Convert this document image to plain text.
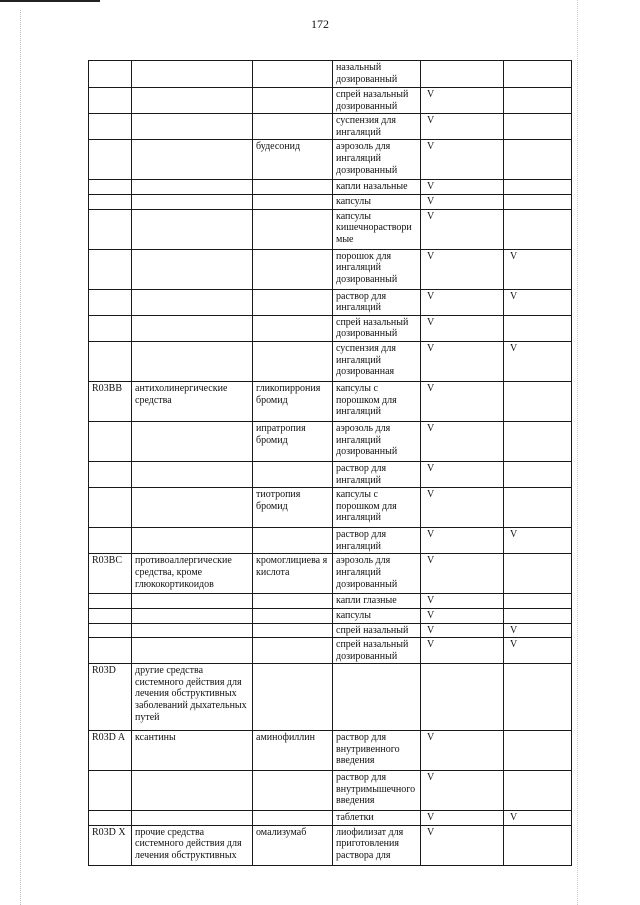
172
			назальный дозированный		
			спрей назальный дозированный	V	
			суспензия для ингаляций	V	
		будесонид	аэрозоль для ингаляций дозированный	V	
			капли назальные	V	
			капсулы	V	
			капсулы кишечнораствори мые	V	
			порошок для ингаляций дозированный	V	V
			раствор для ингаляций	V	V
			спрей назальный дозированный	V	
			суспензия для ингаляций дозированная	V	V
R03BB	антихолинергические средства	гликопиррония бромид	капсулы с порошком для ингаляций	V	
		ипратропия бромид	аэрозоль для ингаляций дозированный	V	
			раствор для ингаляций	V	
		тиотропия бромид	капсулы с порошком для ингаляций	V	
			раствор для ингаляций	V	V
R03BC	противоаллергические средства, кроме глюкокортикоидов	кромоглициева я кислота	аэрозоль для ингаляций дозированный	V	
			капли глазные	V	
			капсулы	V	
			спрей назальный	V	V
			спрей назальный дозированный	V	V
R03D	другие средства системного действия для лечения обструктивных заболеваний дыхательных путей				
R03D A	ксантины	аминофиллин	раствор для внутривенного введения	V	
			раствор для внутримышечного введения	V	
			таблетки	V	V
R03D X	прочие средства системного действия для лечения обструктивных	омализумаб	лиофилизат для приготовления раствора для	V	
